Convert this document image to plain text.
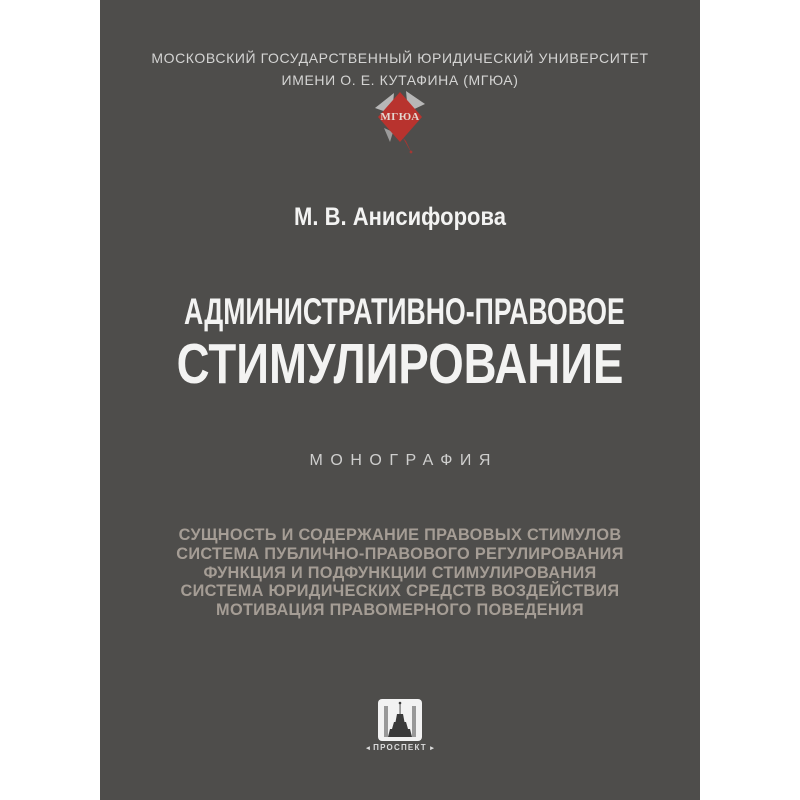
МОСКОВСКИЙ ГОСУДАРСТВЕННЫЙ ЮРИДИЧЕСКИЙ УНИВЕРСИТЕТ
ИМЕНИ О. Е. КУТАФИНА (МГЮА)
МГЮА
М. В. Анисифорова
АДМИНИСТРАТИВНО-ПРАВОВОЕ
СТИМУЛИРОВАНИЕ
МОНОГРАФИЯ
СУЩНОСТЬ И СОДЕРЖАНИЕ ПРАВОВЫХ СТИМУЛОВ
СИСТЕМА ПУБЛИЧНО-ПРАВОВОГО РЕГУЛИРОВАНИЯ
ФУНКЦИЯ И ПОДФУНКЦИИ СТИМУЛИРОВАНИЯ
СИСТЕМА ЮРИДИЧЕСКИХ СРЕДСТВ ВОЗДЕЙСТВИЯ
МОТИВАЦИЯ ПРАВОМЕРНОГО ПОВЕДЕНИЯ
◂ ПРОСПЕКТ ▸
